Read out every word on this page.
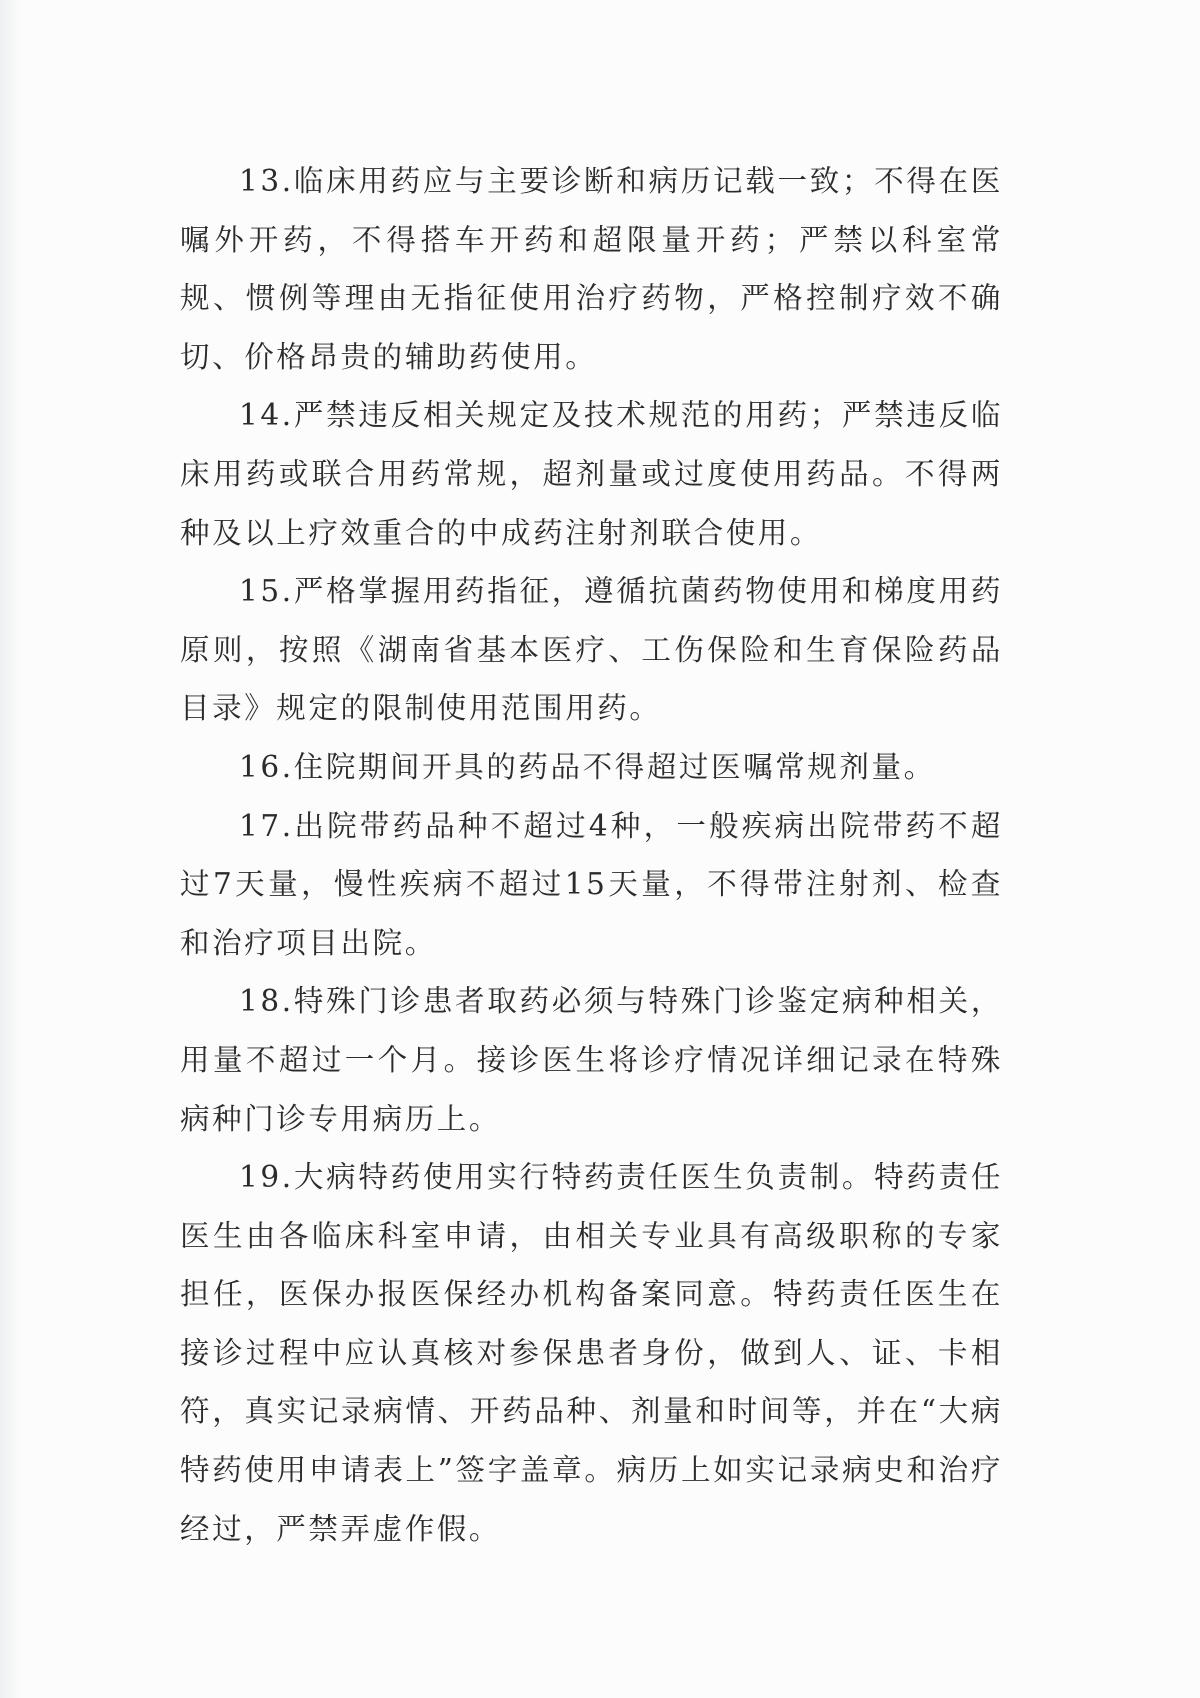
13.临床用药应与主要诊断和病历记载一致；不得在医嘱外开药，不得搭车开药和超限量开药；严禁以科室常规、惯例等理由无指征使用治疗药物，严格控制疗效不确切、价格昂贵的辅助药使用。

14.严禁违反相关规定及技术规范的用药；严禁违反临床用药或联合用药常规，超剂量或过度使用药品。不得两种及以上疗效重合的中成药注射剂联合使用。

15.严格掌握用药指征，遵循抗菌药物使用和梯度用药原则，按照《湖南省基本医疗、工伤保险和生育保险药品目录》规定的限制使用范围用药。

16.住院期间开具的药品不得超过医嘱常规剂量。

17.出院带药品种不超过4种，一般疾病出院带药不超过7天量，慢性疾病不超过15天量，不得带注射剂、检查和治疗项目出院。

18.特殊门诊患者取药必须与特殊门诊鉴定病种相关，用量不超过一个月。接诊医生将诊疗情况详细记录在特殊病种门诊专用病历上。

19.大病特药使用实行特药责任医生负责制。特药责任医生由各临床科室申请，由相关专业具有高级职称的专家担任，医保办报医保经办机构备案同意。特药责任医生在接诊过程中应认真核对参保患者身份，做到人、证、卡相符，真实记录病情、开药品种、剂量和时间等，并在“大病特药使用申请表上”签字盖章。病历上如实记录病史和治疗经过，严禁弄虚作假。
